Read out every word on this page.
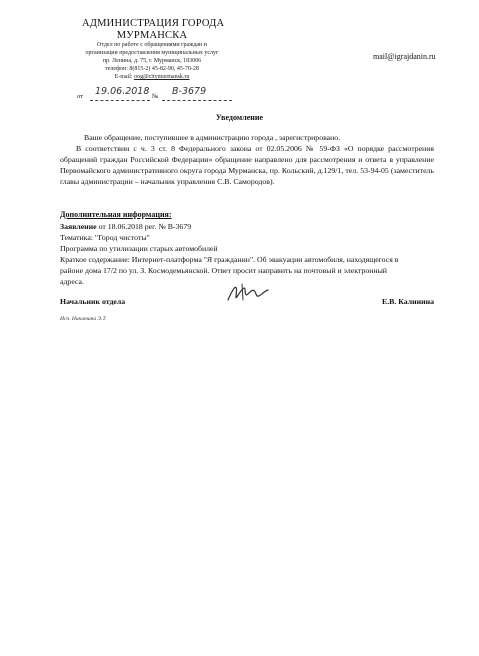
АДМИНИСТРАЦИЯ ГОРОДА
МУРМАНСКА
Отдел по работе с обращениями граждан и
организации предоставления муниципальных услуг
пр. Ленина, д. 75, г. Мурманск, 183006
телефон: 8(815-2) 45-82-90, 45-70-28
E-mail: oog@citymurmansk.ru
mail@igrajdanin.ru
от 19.06.2018 № В-3679
Уведомление

Ваше обращение, поступившее в администрацию города , зарегистрировано.

В соответствии с ч. 3 ст. 8 Федерального закона от 02.05.2006 № 59-ФЗ «О порядке рассмотрения обращений граждан Российской Федерации» обращение направлено для рассмотрения и ответа в управление Первомайского административного округа города Мурманска, пр. Кольский, д.129/1, тел. 53-94-05 (заместитель главы администрации – начальник управления С.В. Самородов).

Дополнительная информация:
Заявление от 18.06.2018 рег. № В-3679
Тематика: "Город чистоты"
Программа по утилизации старых автомобилей
Краткое содержание: Интернет-платформа "Я гражданин". Об эвакуации автомобиля, находящегося в районе дома 17/2 по ул. З. Космодемьянской. Ответ просит направить на почтовый и электронный адреса.
Начальник отдела	Е.В. Калинина
Исп. Никитина Э.Т.
